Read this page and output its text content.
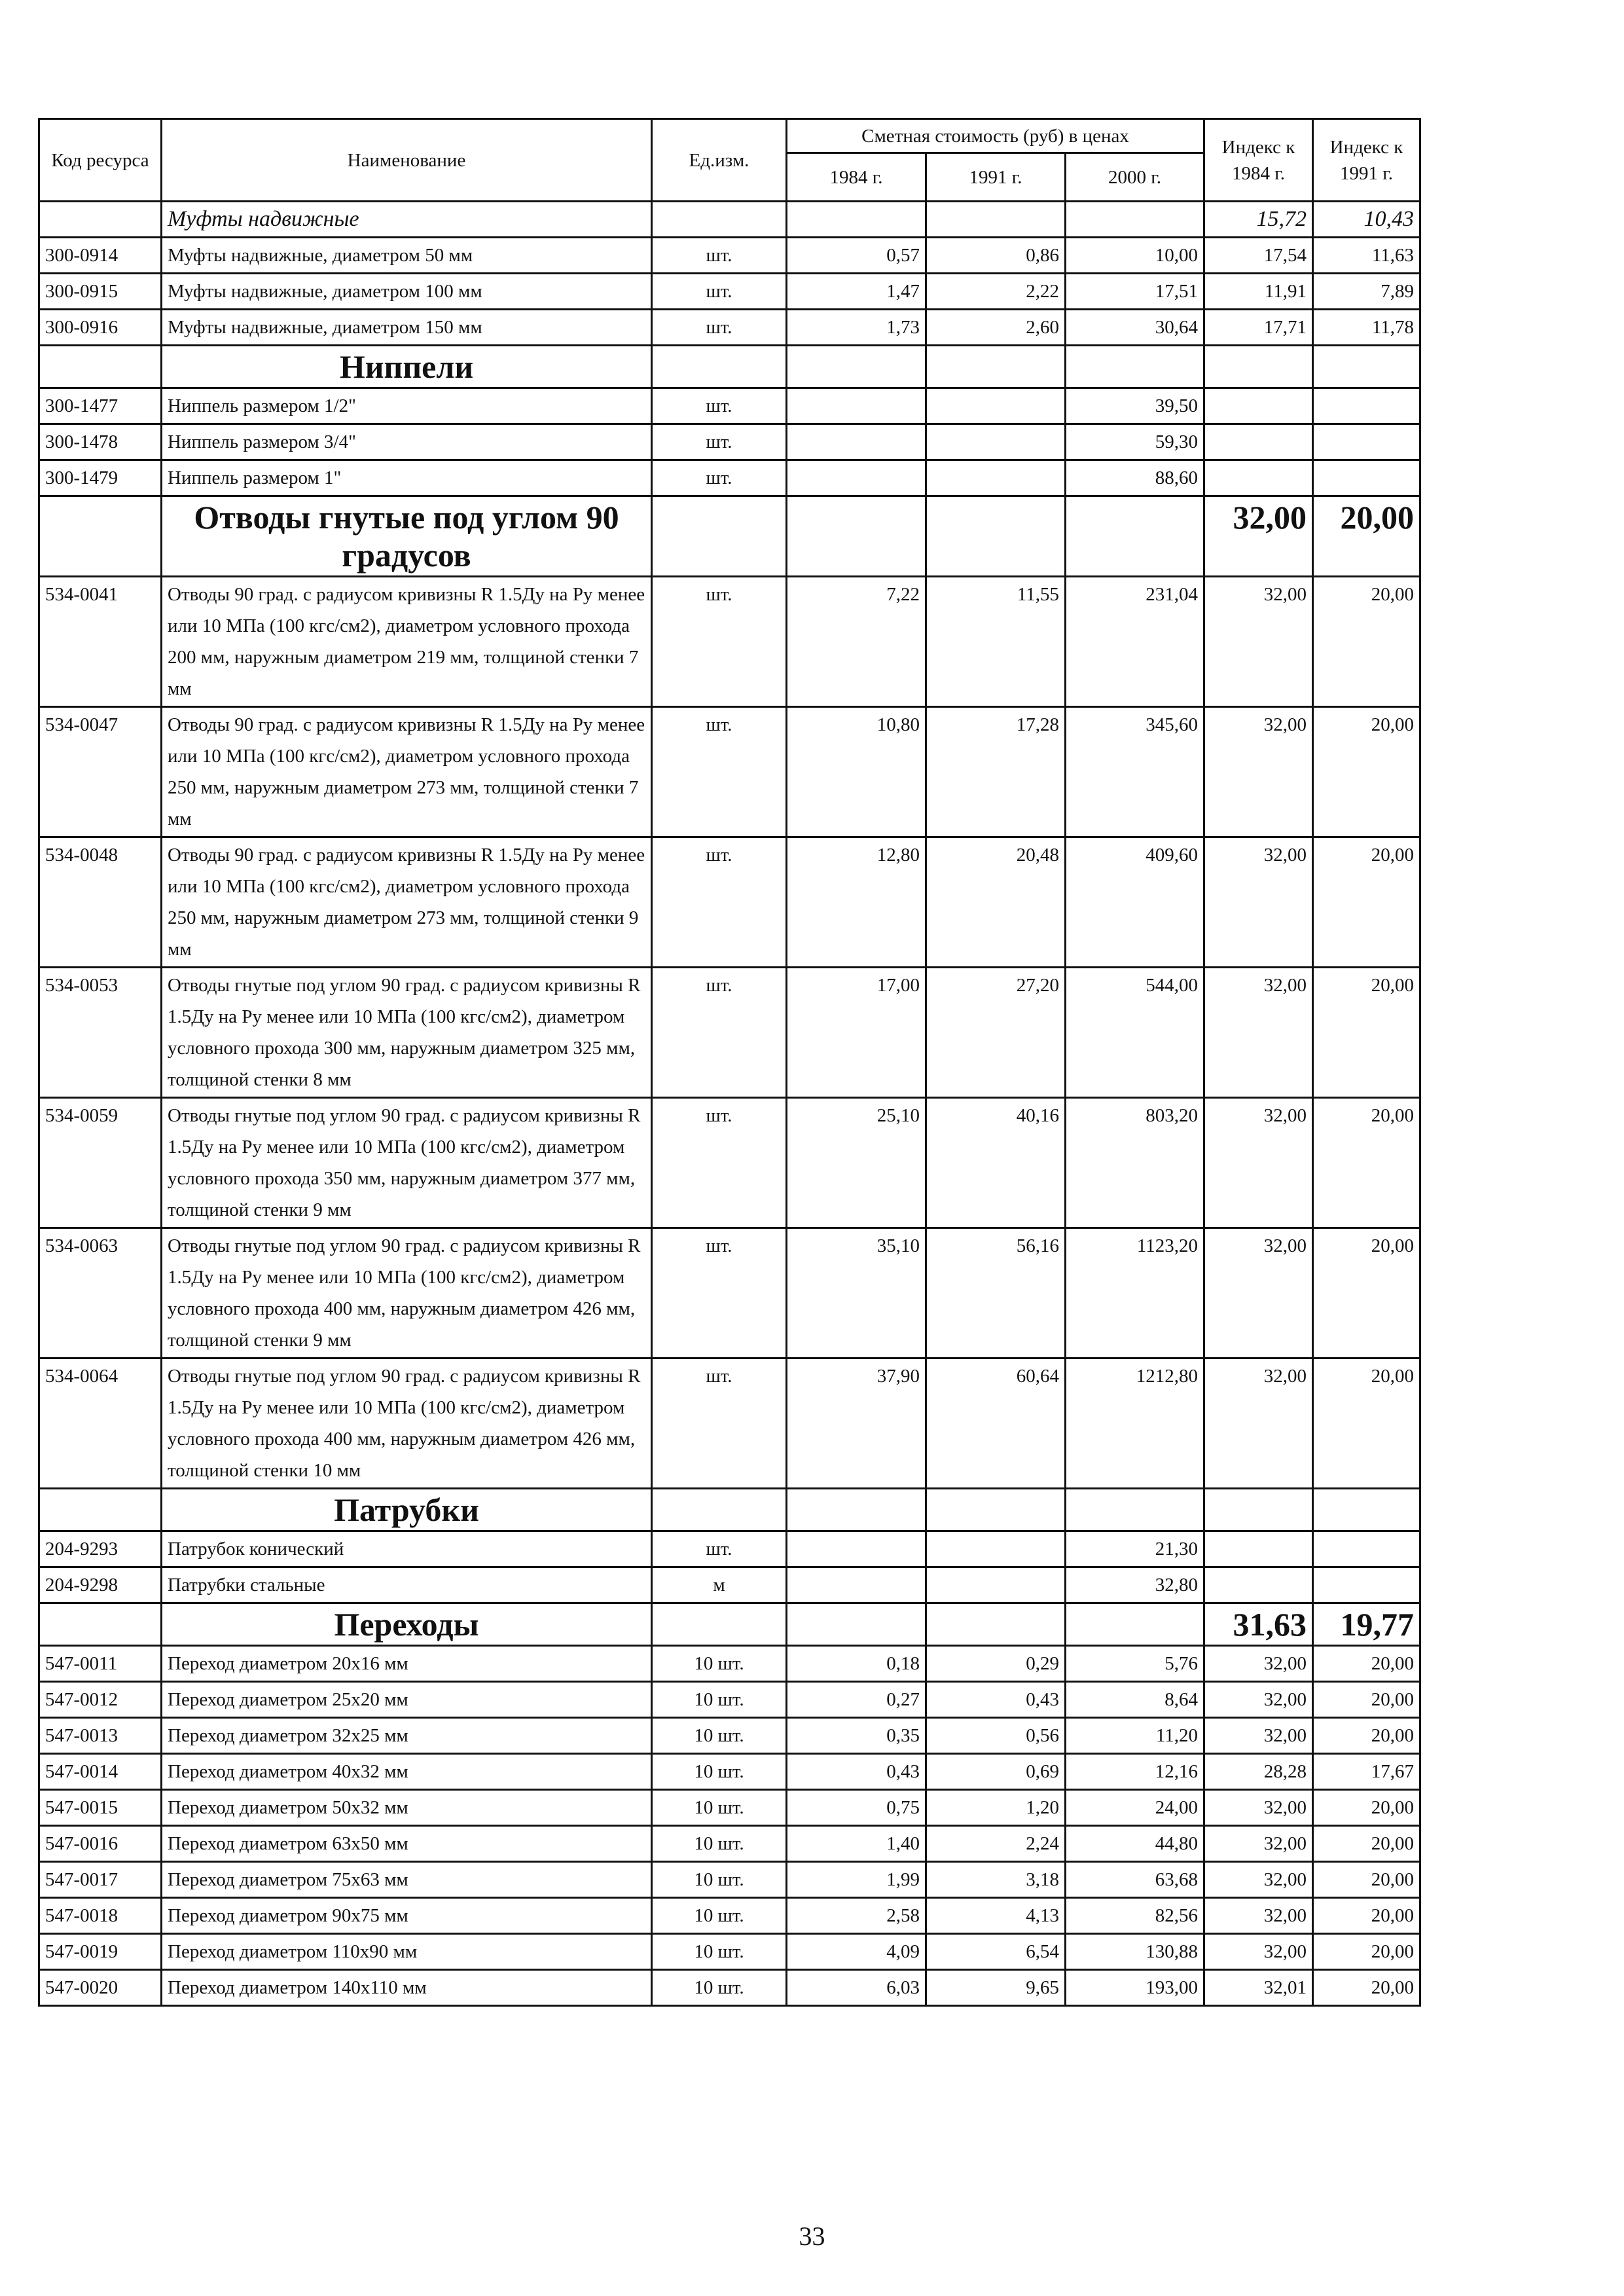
Код ресурса	Наименование	Ед.изм.	Сметная стоимость (руб) в ценах			Индекс к 1984 г.	Индекс к 1991 г.
			1984 г.	1991 г.	2000 г.		
	Муфты надвижные					15,72	10,43
300-0914	Муфты надвижные, диаметром 50 мм	шт.	0,57	0,86	10,00	17,54	11,63
300-0915	Муфты надвижные, диаметром 100 мм	шт.	1,47	2,22	17,51	11,91	7,89
300-0916	Муфты надвижные, диаметром 150 мм	шт.	1,73	2,60	30,64	17,71	11,78
	Ниппели						
300-1477	Ниппель размером 1/2"	шт.			39,50		
300-1478	Ниппель размером 3/4"	шт.			59,30		
300-1479	Ниппель размером 1"	шт.			88,60		
	Отводы гнутые под углом 90 градусов					32,00	20,00
534-0041	Отводы 90 град. с радиусом кривизны R 1.5Ду на Ру менее или 10 МПа (100 кгс/см2), диаметром условного прохода 200 мм, наружным диаметром 219 мм, толщиной стенки 7 мм	шт.	7,22	11,55	231,04	32,00	20,00
534-0047	Отводы 90 град. с радиусом кривизны R 1.5Ду на Ру менее или 10 МПа (100 кгс/см2), диаметром условного прохода 250 мм, наружным диаметром 273 мм, толщиной стенки 7 мм	шт.	10,80	17,28	345,60	32,00	20,00
534-0048	Отводы 90 град. с радиусом кривизны R 1.5Ду на Ру менее или 10 МПа (100 кгс/см2), диаметром условного прохода 250 мм, наружным диаметром 273 мм, толщиной стенки 9 мм	шт.	12,80	20,48	409,60	32,00	20,00
534-0053	Отводы гнутые под углом 90 град. с радиусом кривизны R 1.5Ду на Ру менее или 10 МПа (100 кгс/см2), диаметром условного прохода 300 мм, наружным диаметром 325 мм, толщиной стенки 8 мм	шт.	17,00	27,20	544,00	32,00	20,00
534-0059	Отводы гнутые под углом 90 град. с радиусом кривизны R 1.5Ду на Ру менее или 10 МПа (100 кгс/см2), диаметром условного прохода 350 мм, наружным диаметром 377 мм, толщиной стенки 9 мм	шт.	25,10	40,16	803,20	32,00	20,00
534-0063	Отводы гнутые под углом 90 град. с радиусом кривизны R 1.5Ду на Ру менее или 10 МПа (100 кгс/см2), диаметром условного прохода 400 мм, наружным диаметром 426 мм, толщиной стенки 9 мм	шт.	35,10	56,16	1123,20	32,00	20,00
534-0064	Отводы гнутые под углом 90 град. с радиусом кривизны R 1.5Ду на Ру менее или 10 МПа (100 кгс/см2), диаметром условного прохода 400 мм, наружным диаметром 426 мм, толщиной стенки 10 мм	шт.	37,90	60,64	1212,80	32,00	20,00
	Патрубки						
204-9293	Патрубок конический	шт.			21,30		
204-9298	Патрубки стальные	м			32,80		
	Переходы					31,63	19,77
547-0011	Переход диаметром 20х16 мм	10 шт.	0,18	0,29	5,76	32,00	20,00
547-0012	Переход диаметром 25х20 мм	10 шт.	0,27	0,43	8,64	32,00	20,00
547-0013	Переход диаметром 32х25 мм	10 шт.	0,35	0,56	11,20	32,00	20,00
547-0014	Переход диаметром 40х32 мм	10 шт.	0,43	0,69	12,16	28,28	17,67
547-0015	Переход диаметром 50х32 мм	10 шт.	0,75	1,20	24,00	32,00	20,00
547-0016	Переход диаметром 63х50 мм	10 шт.	1,40	2,24	44,80	32,00	20,00
547-0017	Переход диаметром 75х63 мм	10 шт.	1,99	3,18	63,68	32,00	20,00
547-0018	Переход диаметром 90х75 мм	10 шт.	2,58	4,13	82,56	32,00	20,00
547-0019	Переход диаметром 110х90 мм	10 шт.	4,09	6,54	130,88	32,00	20,00
547-0020	Переход диаметром 140х110 мм	10 шт.	6,03	9,65	193,00	32,01	20,00
33
